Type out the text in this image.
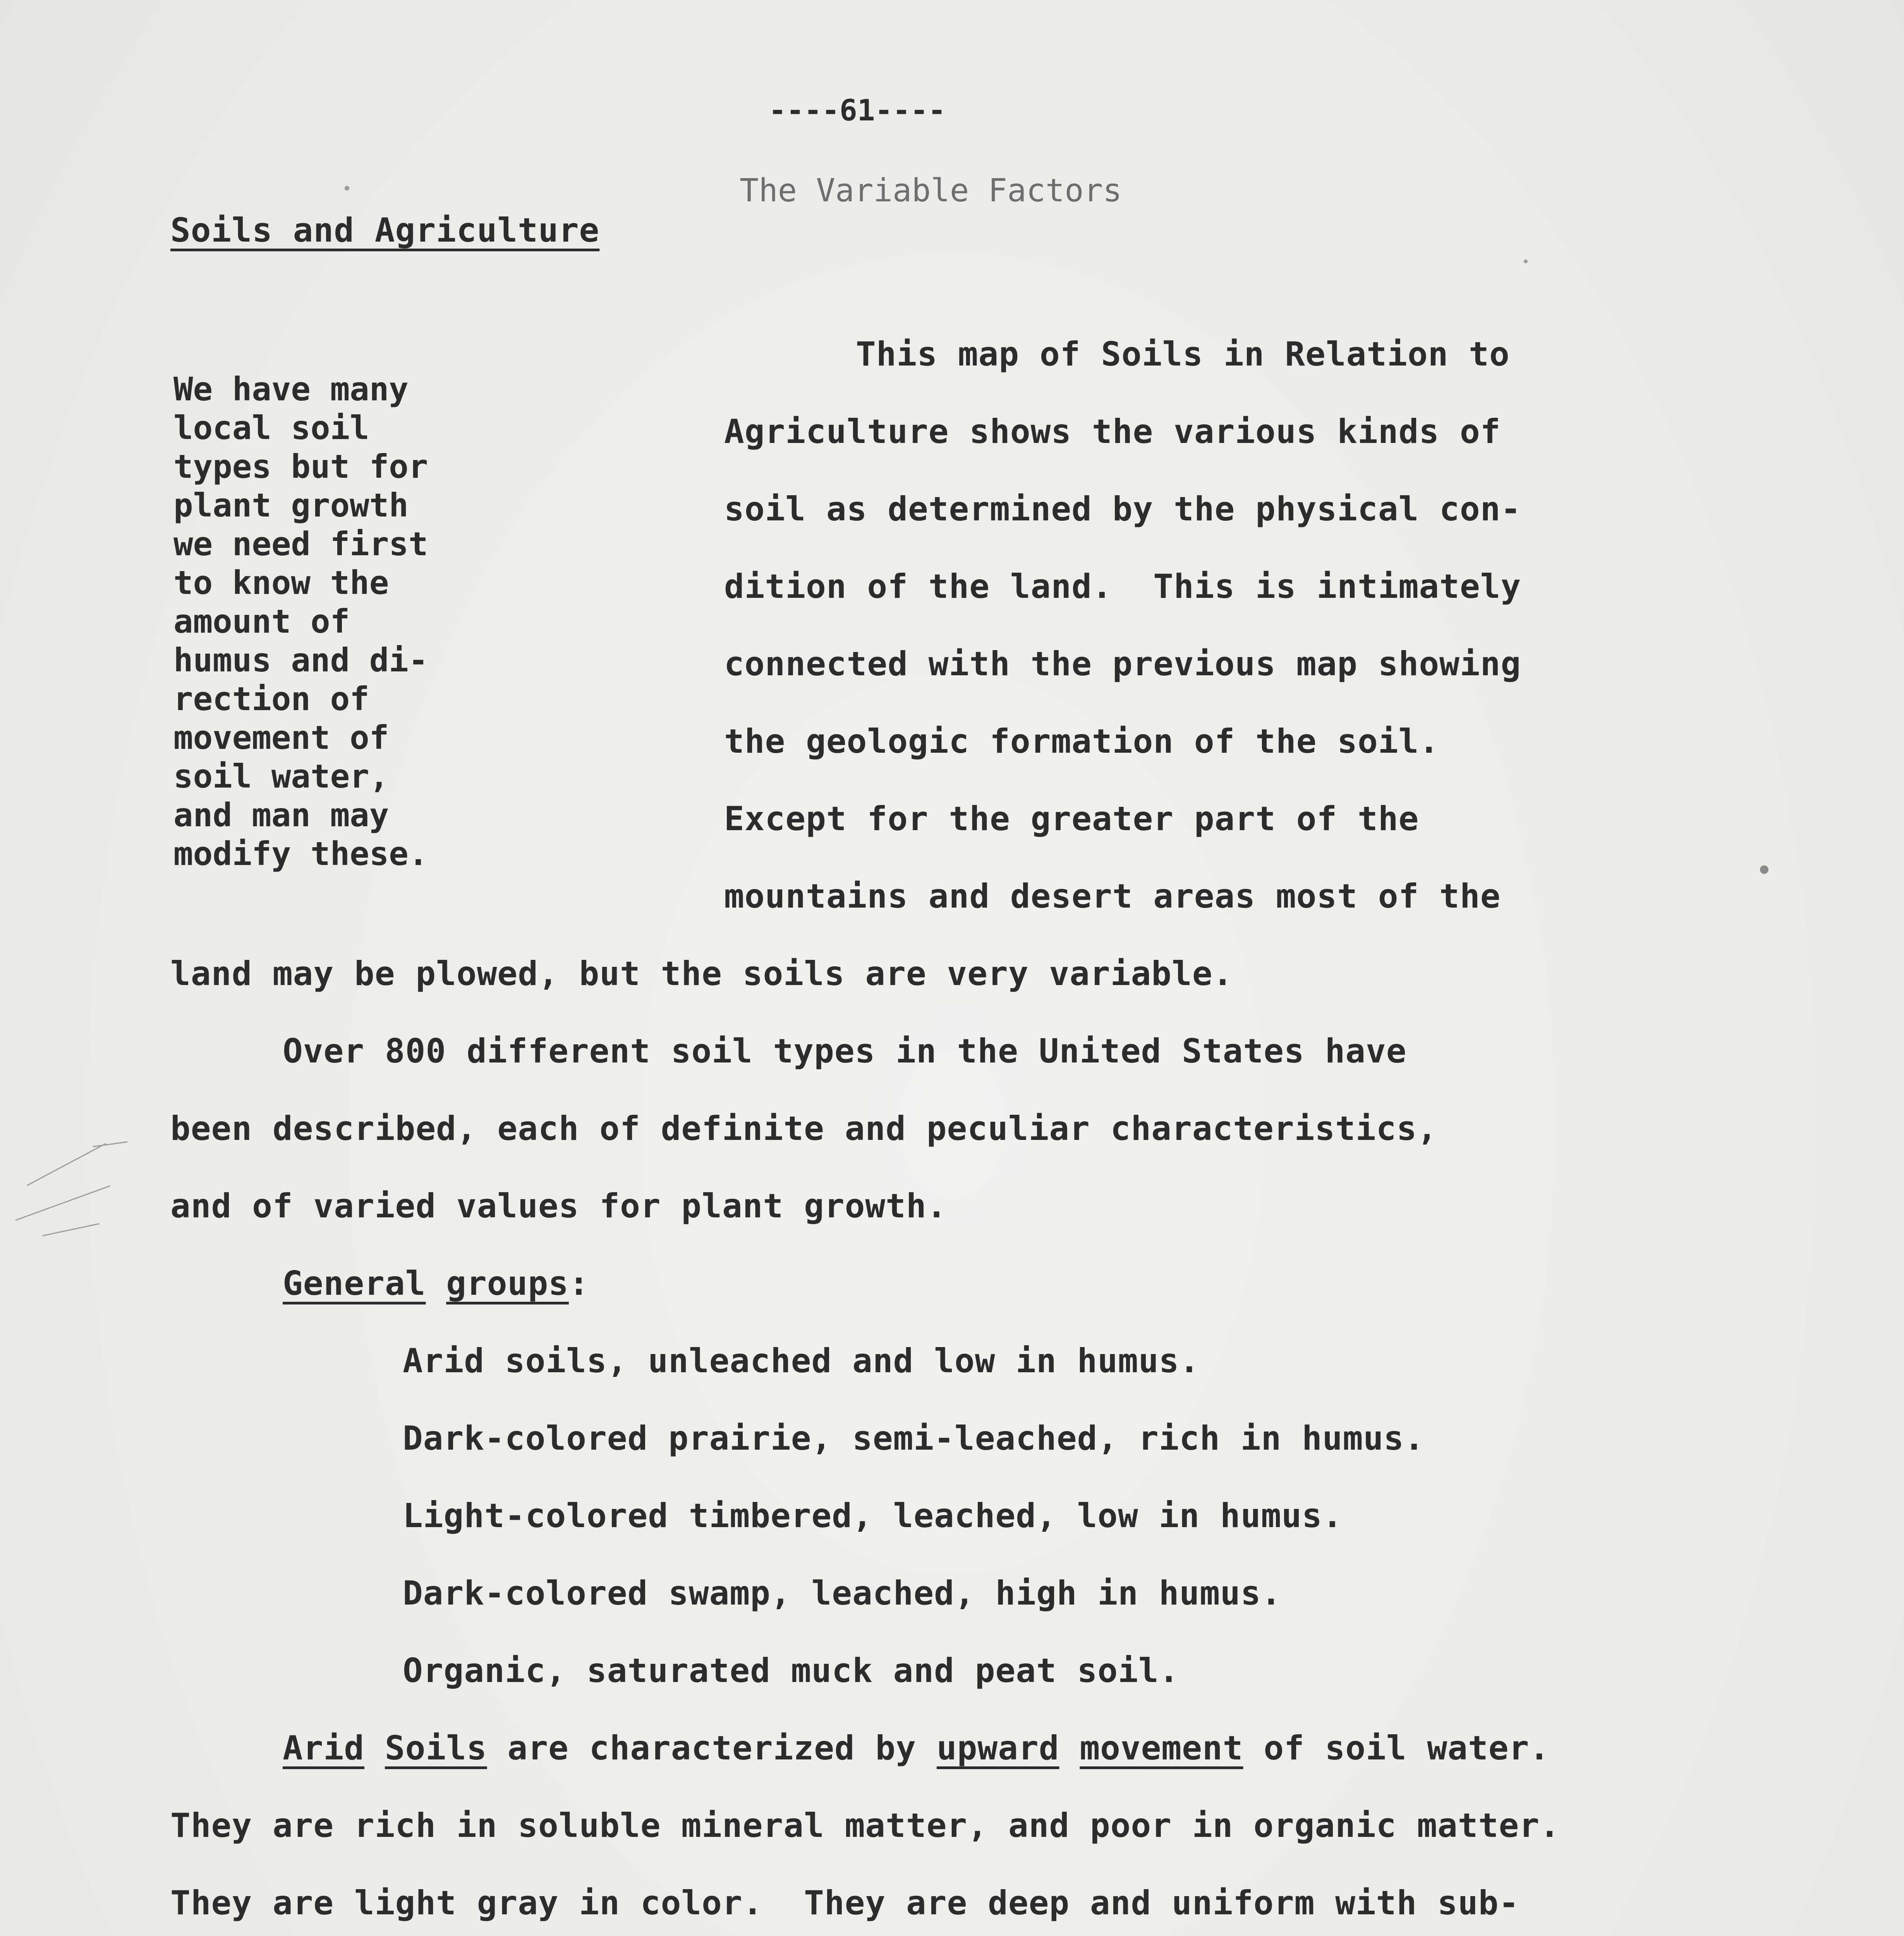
----61----
The Variable Factors
Soils and Agriculture
We have many
local soil
types but for
plant growth
we need first
to know the
amount of
humus and di-
rection of
movement of
soil water,
and man may
modify these.
This map of Soils in Relation to
Agriculture shows the various kinds of
soil as determined by the physical con-
dition of the land.  This is intimately
connected with the previous map showing
the geologic formation of the soil.
Except for the greater part of the
mountains and desert areas most of the
land may be plowed, but the soils are very variable.
Over 800 different soil types in the United States have
been described, each of definite and peculiar characteristics,
and of varied values for plant growth.
General groups:
Arid soils, unleached and low in humus.
Dark-colored prairie, semi-leached, rich in humus.
Light-colored timbered, leached, low in humus.
Dark-colored swamp, leached, high in humus.
Organic, saturated muck and peat soil.
Arid Soils are characterized by upward movement of soil water.
They are rich in soluble mineral matter, and poor in organic matter.
They are light gray in color.  They are deep and uniform with sub-
